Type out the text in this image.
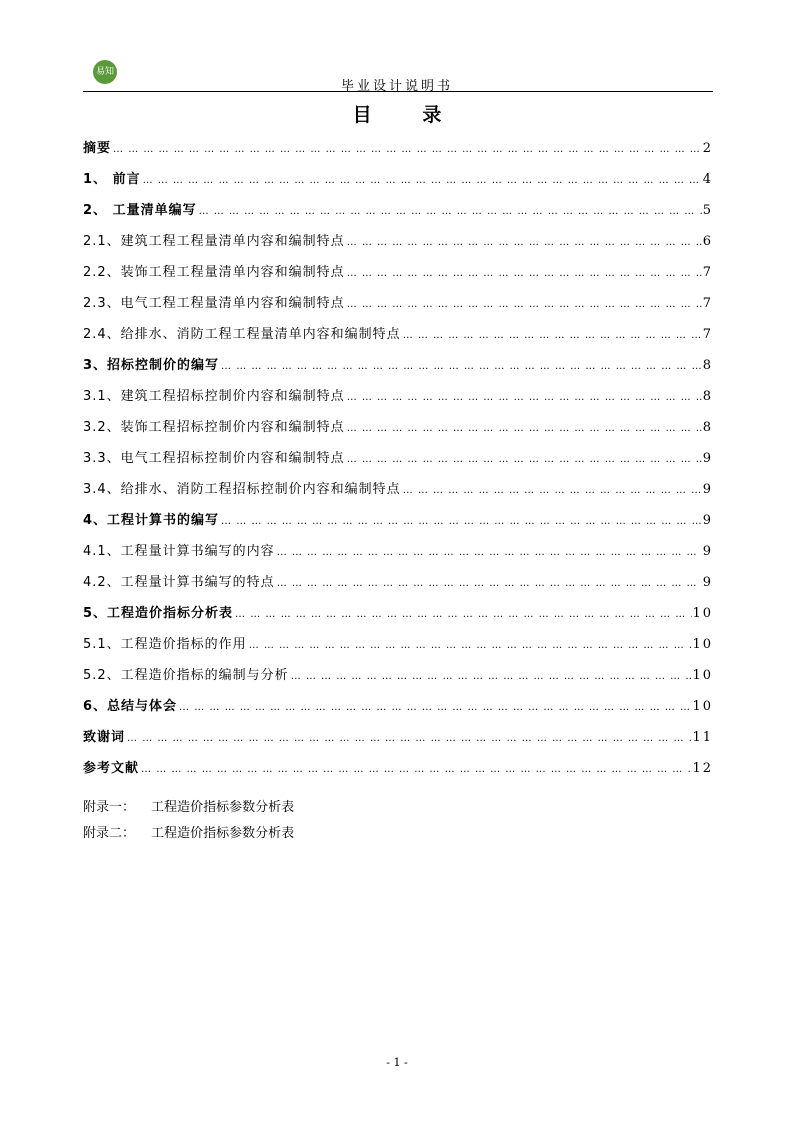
易知
毕业设计说明书
目	录
摘要 … … … … … … … … … … … … … … … … … … … … … … … … … … … … … … … … … … … … … … … … … … … … … … … … … … … … … … …	2
1、 前言 … … … … … … … … … … … … … … … … … … … … … … … … … … … … … … … … … … … … … … … … … … … … … … … … … … … … … … …	4
2、 工量清单编写 … … … … … … … … … … … … … … … … … … … … … … … … … … … … … … … … … … … … … … … … … … … … … … … … … … … … … … …	5
2.1、建筑工程工程量清单内容和编制特点 … … … … … … … … … … … … … … … … … … … … … … … … … … … … … … … … … … … … … … … … … … … … … … … … … … … … … … …	6
2.2、装饰工程工程量清单内容和编制特点 … … … … … … … … … … … … … … … … … … … … … … … … … … … … … … … … … … … … … … … … … … … … … … … … … … … … … … …	7
2.3、电气工程工程量清单内容和编制特点 … … … … … … … … … … … … … … … … … … … … … … … … … … … … … … … … … … … … … … … … … … … … … … … … … … … … … … …	7
2.4、给排水、消防工程工程量清单内容和编制特点 … … … … … … … … … … … … … … … … … … … … … … … … … … … … … … … … … … … … … … … … … … … … … … … … … … … … … … …	7
3、招标控制价的编写 … … … … … … … … … … … … … … … … … … … … … … … … … … … … … … … … … … … … … … … … … … … … … … … … … … … … … … …	8
3.1、建筑工程招标控制价内容和编制特点 … … … … … … … … … … … … … … … … … … … … … … … … … … … … … … … … … … … … … … … … … … … … … … … … … … … … … … …	8
3.2、装饰工程招标控制价内容和编制特点 … … … … … … … … … … … … … … … … … … … … … … … … … … … … … … … … … … … … … … … … … … … … … … … … … … … … … … …	8
3.3、电气工程招标控制价内容和编制特点 … … … … … … … … … … … … … … … … … … … … … … … … … … … … … … … … … … … … … … … … … … … … … … … … … … … … … … …	9
3.4、给排水、消防工程招标控制价内容和编制特点 … … … … … … … … … … … … … … … … … … … … … … … … … … … … … … … … … … … … … … … … … … … … … … … … … … … … … … …	9
4、工程计算书的编写 … … … … … … … … … … … … … … … … … … … … … … … … … … … … … … … … … … … … … … … … … … … … … … … … … … … … … … …	9
4.1、工程量计算书编写的内容 … … … … … … … … … … … … … … … … … … … … … … … … … … … … … … … … … … … … … … … … … … … … … … … … … … … … … … …	9
4.2、工程量计算书编写的特点 … … … … … … … … … … … … … … … … … … … … … … … … … … … … … … … … … … … … … … … … … … … … … … … … … … … … … … …	9
5、工程造价指标分析表 … … … … … … … … … … … … … … … … … … … … … … … … … … … … … … … … … … … … … … … … … … … … … … … … … … … … … … …	10
5.1、工程造价指标的作用 … … … … … … … … … … … … … … … … … … … … … … … … … … … … … … … … … … … … … … … … … … … … … … … … … … … … … … …	10
5.2、工程造价指标的编制与分析 … … … … … … … … … … … … … … … … … … … … … … … … … … … … … … … … … … … … … … … … … … … … … … … … … … … … … … …	10
6、总结与体会 … … … … … … … … … … … … … … … … … … … … … … … … … … … … … … … … … … … … … … … … … … … … … … … … … … … … … … …	10
致谢词 … … … … … … … … … … … … … … … … … … … … … … … … … … … … … … … … … … … … … … … … … … … … … … … … … … … … … … …	11
参考文献 … … … … … … … … … … … … … … … … … … … … … … … … … … … … … … … … … … … … … … … … … … … … … … … … … … … … … … …	12
附录一： 工程造价指标参数分析表
附录二： 工程造价指标参数分析表
- 1 -
